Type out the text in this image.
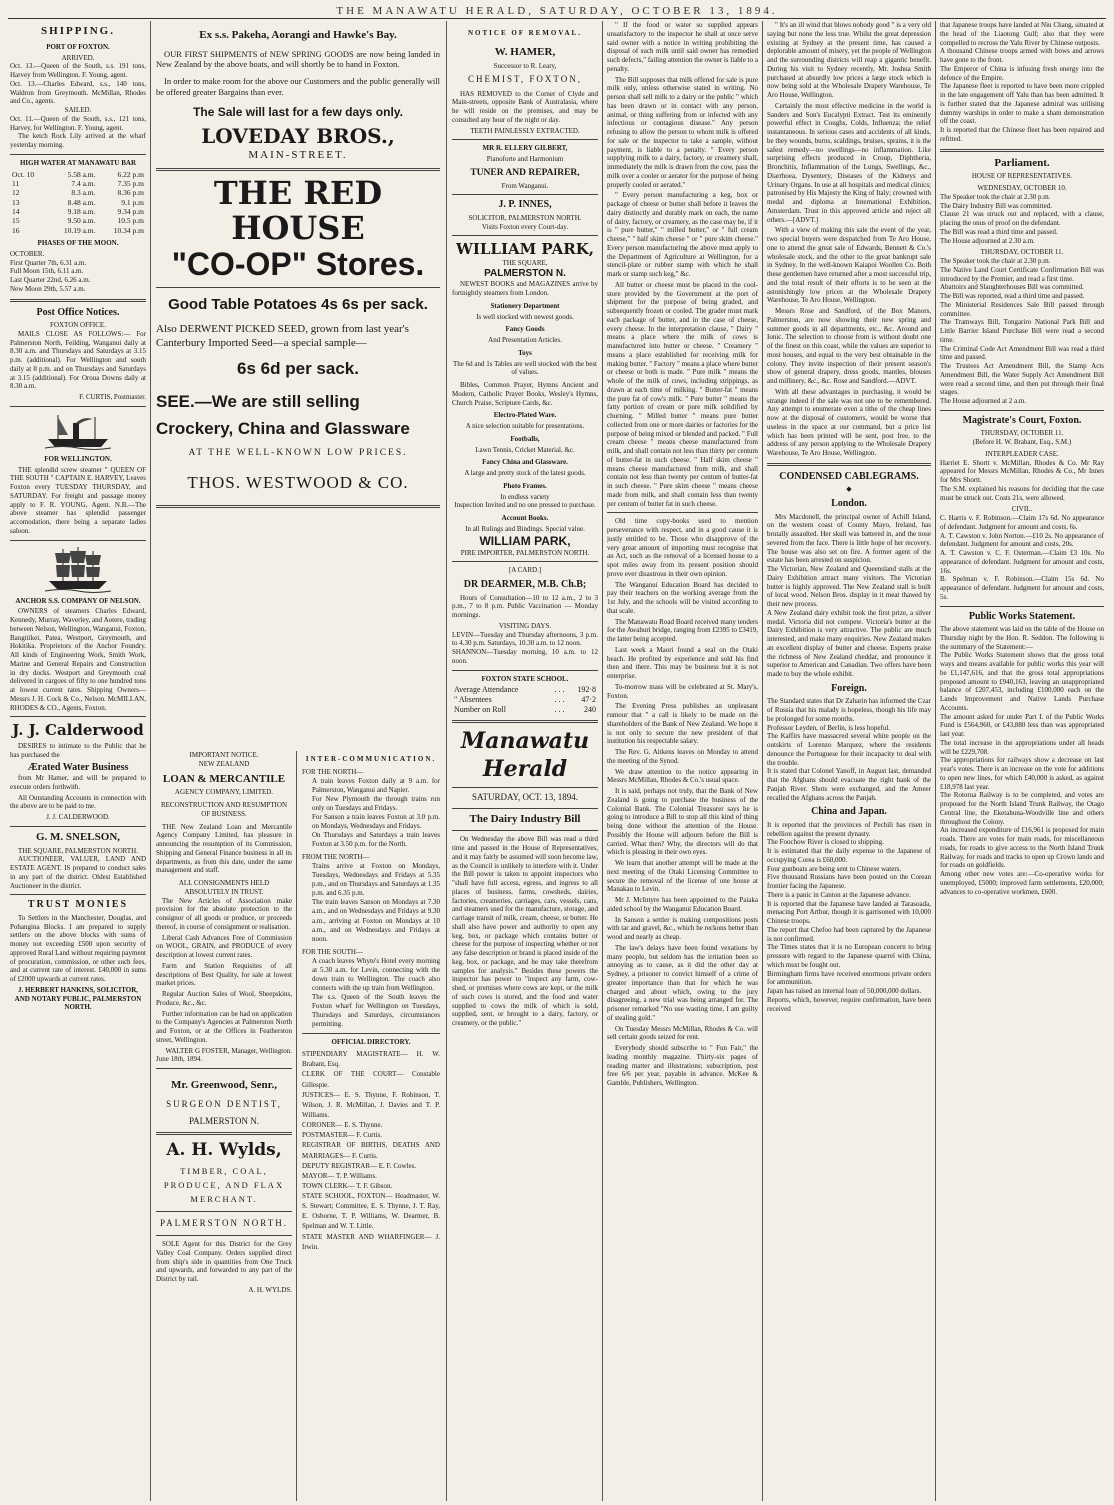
THE MANAWATU HERALD, SATURDAY, OCTOBER 13, 1894.
SHIPPING.
PORT OF FOXTON.
ARRIVED.
Oct. 13.—Queen of the South, s.s. 191 tons, Harvey from Wellington. F. Young, agent.
Oct. 13.—Charles Edward, s.s., 140 tons, Waldron from Greymouth. McMillan, Rhodes and Co., agents.
SAILED.
Oct. 11.—Queen of the South, s.s., 121 tons, Harvey, for Wellington. F. Young, agent.

The ketch Rock Lily arrived at the wharf yesterday morning.

HIGH WATER AT MANAWATU BAR
Oct. 10	5.58 a.m.	6.22 p.m
11	7.4 a.m.	7.35 p.m
12	8.3 a.m.	8.36 p.m
13	8.48 a.m.	9.1 p.m
14	9.18 a.m.	9.34 p.m
15	9.50 a.m.	10.5 p.m
16	10.19 a.m.	10.34 p.m
PHASES OF THE MOON.
OCTOBER.
First Quarter 7th, 6.31 a.m.
Full Moon 15th, 6.11 a.m.
Last Quarter 22nd, 6.26 a.m.
New Moon 29th, 5.57 a.m.
Post Office Notices.
FOXTON OFFICE.

MAILS CLOSE AS FOLLOWS:— For Palmerston North, Feilding, Wanganui daily at 8.30 a.m. and Thursdays and Saturdays at 3.15 p.m. (additional). For Wellington and south daily at 8 p.m. and on Thursdays and Saturdays at 3.15 (additional). For Oroua Downs daily at 8.30 a.m.

F. CURTIS, Postmaster.
FOR WELLINGTON.

THE splendid screw steamer " QUEEN OF THE SOUTH " CAPTAIN E. HARVEY, Leaves Foxton every TUESDAY THURSDAY, and SATURDAY. For freight and passage money apply to F. R. YOUNG, Agent. N.B.—The above steamer has splendid passenger accomodation, there being a separate ladies saloon.

ANCHOR S.S. COMPANY OF NELSON.

OWNERS of steamers Charles Edward, Kennedy, Murray, Waverley, and Aotere, trading between Nelson, Wellington, Wanganui, Foxton, Bangitikei, Patea, Westport, Greymouth, and Hokitika. Proprietors of the Anchor Foundry. All kinds of Engineering Work, Smith Work, Marine and General Repairs and Construction in dry docks. Westport and Greymouth coal delivered in cargoes of fifty to one hundred tons at lowest current rates. Shipping Owners—Messrs J. H. Cock & Co., Nelson. McMILLAN, RHODES & CO., Agents, Foxton.

J. J. Calderwood

DESIRES to intimate to the Public that he has purchased the

Ærated Water Business

from Mr Hamer, and will be prepared to execute orders forthwith.

All Outstanding Accounts in connection with the above are to be paid to me.

J. J. CALDERWOOD.
G. M. SNELSON,
THE SQUARE, PALMERSTON NORTH.

AUCTIONEER, VALUER, LAND AND ESTATE AGENT. IS prepared to conduct sales in any part of the district. Oldest Established Auctioneer in the district.

TRUST MONIES

To Settlers in the Manchester, Douglas, and Pohangina Blocks. I am prepared to supply settlers on the above blocks with sums of money not exceeding £500 upon security of approved Rural Land without requiring payment of procuration, commission, or other such fees, and at current rate of interest. £40,000 in sums of £2000 upwards at current rates.

J. HERBERT HANKINS, SOLICITOR, AND NOTARY PUBLIC, PALMERSTON NORTH.
Ex s.s. Pakeha, Aorangi and Hawke's Bay.

OUR FIRST SHIPMENTS of NEW SPRING GOODS are now being landed in New Zealand by the above boats, and will shortly be to hand in Foxton.

In order to make room for the above our Customers and the public generally will be offered greater Bargains than ever.

The Sale will last for a few days only.
LOVEDAY BROS.,
MAIN-STREET.
THE RED HOUSE
"CO-OP" Stores.
Good Table Potatoes 4s 6s per sack.
Also DERWENT PICKED SEED, grown from last year's Canterbury Imported Seed—a special sample—
6s 6d per sack.
SEE.—We are still selling Crockery, China and Glassware
AT THE WELL-KNOWN LOW PRICES.
THOS. WESTWOOD & CO.
IMPORTANT NOTICE.
NEW ZEALAND
LOAN & MERCANTILE
AGENCY COMPANY, LIMITED.
RECONSTRUCTION AND RESUMPTION OF BUSINESS.

THE New Zealand Loan and Mercantile Agency Company Limited, has pleasure in announcing the resumption of its Commission, Shipping and General Finance business in all its departments, as from this date, under the same management and staff.

ALL CONSIGNMENTS HELD ABSOLUTELY IN TRUST.

The New Articles of Association make provision for the absolute protection to the consignor of all goods or produce, or proceeds thereof, in course of consignment or realisation.

Liberal Cash Advances Free of Commission on WOOL, GRAIN, and PRODUCE of every description at lowest current rates.

Farm and Station Requisites of all descriptions of Best Quality, for sale at lowest market prices.

Regular Auction Sales of Wool, Sheepskins, Produce, &c., &c.

Further information can be had on application to the Company's Agencies at Palmerston North and Foxton, or at the Offices in Featherston street, Wellington.

WALTER G FOSTER, Manager, Wellington.
June 18th, 1894.
Mr. Greenwood, Senr.,
SURGEON DENTIST,
PALMERSTON N.
A. H. Wylds,
TIMBER, COAL, PRODUCE, AND FLAX MERCHANT.
PALMERSTON NORTH.

SOLE Agent for this District for the Grey Valley Coal Company. Orders supplied direct from ship's side in quantities from One Truck and upwards, and forwarded to any part of the District by rail.

A. H. WYLDS.
INTER-COMMUNICATION.
FOR THE NORTH—
A train leaves Foxton daily at 9 a.m. for Palmerston, Wanganui and Napier.
For New Plymouth the through trains run only on Tuesdays and Fridays.
For Sanson a train leaves Foxton at 3.0 p.m. on Mondays, Wednesdays and Fridays.
On Thursdays and Saturdays a train leaves Foxton at 3.50 p.m. for the North.
FROM THE NORTH—
Trains arrive at Foxton on Mondays, Tuesdays, Wednesdays and Fridays at 5.35 p.m., and on Thursdays and Saturdays at 1.35 p.m. and 6.35 p.m.
The train leaves Sanson on Mondays at 7.30 a.m., and on Wednesdays and Fridays at 9.30 a.m., arriving at Foxton on Mondays at 10 a.m., and on Wednesdays and Fridays at noon.
FOR THE SOUTH—
A coach leaves Whyte's Hotel every morning at 5.30 a.m. for Levin, connecting with the down train to Wellington. The coach also connects with the up train from Wellington.
The s.s. Queen of the South leaves the Foxton wharf for Wellington on Tuesdays, Thursdays and Saturdays, circumstances permitting.
OFFICIAL DIRECTORY.
STIPENDIARY MAGISTRATE— H. W. Brabant, Esq.
CLERK OF THE COURT— Constable Gillespie.
JUSTICES— E. S. Thynne, F. Robinson, T. Wilson, J. R. McMillan, J. Davies and T. P. Williams.
CORONER— E. S. Thynne.
POSTMASTER— F. Curtis.
REGISTRAR OF BIRTHS, DEATHS AND MARRIAGES— F. Curtis.
DEPUTY REGISTRAR— E. F. Cowles.
MAYOR— T. P. Williams.
TOWN CLERK— T. F. Gibson.
STATE SCHOOL, FOXTON— Headmaster, W. S. Stewart; Committee, E. S. Thynne, J. T. Ray, E. Osborne, T. P. Williams, W. Dearmer, B. Spelman and W. T. Little.
STATE MASTER AND WHARFINGER— J. Irwin.
NOTICE OF REMOVAL.
W. HAMER,
Successor to R. Leary,
CHEMIST, FOXTON,

HAS REMOVED to the Corner of Clyde and Main-streets, opposite Bank of Australasia, where he will reside on the premises, and may be consulted any hour of the night or day.

TEETH PAINLESSLY EXTRACTED.
MR R. ELLERY GILBERT,
Pianoforte and Harmonium
TUNER AND REPAIRER,
From Wanganui.
J. P. INNES,
SOLICITOR, PALMERSTON NORTH.
Visits Foxton every Court-day.
WILLIAM PARK,
THE SQUARE,
PALMERSTON N.

NEWEST BOOKS and MAGAZINES arrive by fortnightly steamers from London.

Stationery Department
Is well stocked with newest goods.
Fancy Goods
And Presentation Articles.
Toys
The 6d and 1s Tables are well stocked with the best of values.

Bibles, Common Prayer, Hymns Ancient and Modern, Catholic Prayer Books, Wesley's Hymns, Church Praise, Scripture Cards, &c.

Electro-Plated Ware.
A nice selection suitable for presentations.
Footballs,
Lawn Tennis, Cricket Material, &c.
Fancy China and Glassware.
A large and pretty stock of the latest goods.
Photo Frames.
In endless variety
Inspection Invited and no one pressed to purchase.
Account Books.
In all Rulings and Bindings. Special value.
WILLIAM PARK,
PIRE IMPORTER, PALMERSTON NORTH.
[A CARD.]
DR DEARMER, M.B. Ch.B;

Hours of Consultation—10 to 12 a.m., 2 to 3 p.m., 7 to 8 p.m. Public Vaccination — Monday mornings.

VISITING DAYS.
LEVIN—Tuesday and Thursday afternoons, 3 p.m. to 4.30 p.m. Saturdays, 10.30 a.m. to 12 noon.
SHANNON—Tuesday morning, 10 a.m. to 12 noon.
FOXTON STATE SCHOOL.
Average Attendance	. . .	192·8
" Absentees	. . .	47·2
Number on Roll	. . .	240
Manawatu Herald
SATURDAY, OCT. 13, 1894.
The Dairy Industry Bill

On Wednesday the above Bill was read a third time and passed in the House of Representatives, and it may fairly be assumed will soon become law, as the Council is unlikely to interfere with it. Under the Bill power is taken to appoint inspectors who "shall have full access, egress, and ingress to all places of business, farms, cowsheds, dairies, factories, creameries, carriages, cars, vessels, cans, and steamers used for the manufacture, storage, and carriage transit of milk, cream, cheese, or butter. He shall also have power and authority to open any keg, box, or package which contains butter or cheese for the purpose of inspecting whether or not any false description or brand is placed inside of the keg, box, or package, and he may take therefrom samples for analysis." Besides these powers the inspector has power to "inspect any farm, cow-shed, or premises where cows are kept, or the milk of such cows is stored, and the food and water supplied to cows the milk of which is sold, supplied, sent, or brought to a dairy, factory, or creamery, or the public."

" If the food or water so supplied appears unsatisfactory to the inspector he shall at once serve said owner with a notice in writing prohibiting the disposal of such milk until said owner has remedied such defects," failing attention the owner is liable to a penalty.

The Bill supposes that milk offered for sale is pure milk only, unless otherwise stated in writing. No person shall sell milk to a dairy or the public " which has been drawn or in contact with any person, animal, or thing suffering from or infected with any infectious or contagious disease." Any person refusing to allow the person to whom milk is offered for sale or the inspector to take a sample, without payment, is liable to a penalty. " Every person supplying milk to a dairy, factory, or creamery shall, immediately the milk is drawn from the cow, pass the milk over a cooler or aerator for the purpose of being properly cooled or aerated."

" Every person manufacturing a keg, box or package of cheese or butter shall before it leaves the dairy distinctly and durably mark on each, the name of dairy, factory, or creamery, as the case may be, if it is " pure butter," " milled butter," or " full cream cheese," " half skim cheese " or " pure skim cheese." Every person manufacturing the above must apply to the Department of Agriculture at Wellington, for a stencil-plate or rubber stamp with which he shall mark or stamp such keg," &c.

All butter or cheese must be placed in the cool-store provided by the Government at the port of shipment for the purpose of being graded, and subsequently frozen or cooled. The grader must mark each package of butter, and in the case of cheese, every cheese. In the interpretation clause, " Dairy " means a place where the milk of cows is manufactured into butter or cheese. " Creamery " means a place established for receiving milk for making butter. " Factory " means a place where butter or cheese or both is made. " Pure milk " means the whole of the milk of cows, including strippings, as drawn at each time of milking. " Butter-fat " means the pure fat of cow's milk. " Pure butter " means the fatty portion of cream or pure milk solidified by churning. " Milled butter " means pure butter collected from one or more dairies or factories for the purpose of being mixed or blended and packed. " Full cream cheese " means cheese manufactured from milk, and shall contain not less than thirty per centum of butter-fat in such cheese. " Half skim cheese " means cheese manufactured from milk, and shall contain not less than twenty per centum of butter-fat in such cheese. " Pure skim cheese " means cheese made from milk, and shall contain less than twenty per centum of butter fat in such cheese.

Old time copy-books used to mention perseverance with respect, and in a good cause it is justly entitled to be. Those who disapprove of the very great amount of importing must recognise that an Act, such as the removal of a licensed house to a spot miles away from its present position should prove ever disastrous in their own opinion.

The Wanganui Education Board has decided to pay their teachers on the working average from the 1st July, and the schools will be visited according to that scale.

The Manawatu Road Board received many tenders for the Awahuri bridge, ranging from £2395 to £3419, the latter being accepted.

Last week a Maori found a seal on the Otaki beach. He profited by experience and sold his find then and there. This may be business but it is not enterprise.

To-morrow mass will be celebrated at St. Mary's, Foxton.

The Evening Press publishes an unpleasant rumour that " a call is likely to be made on the shareholders of the Bank of New Zealand. We hope it is not only to secure the new president of that institution his respectable salary.

The Rev. G. Aitkens leaves on Monday to attend the meeting of the Synod.

We draw attention to the notice appearing in Messrs McMillan, Rhodes & Co.'s usual space.

It is said, perhaps not truly, that the Bank of New Zealand is going to purchase the business of the Colonial Bank. The Colonial Treasurer says he is going to introduce a Bill to stop all this kind of thing being done without the attention of the House. Possibly the House will adjourn before the Bill is carried. What then? Why, the directors will do that which is pleasing in their own eyes.

We learn that another attempt will be made at the next meeting of the Otaki Licensing Committee to secure the removal of the license of one house at Manakau to Levin.

Mr J. McIntyre has been appointed to the Paiaka aided school by the Wanganui Education Board.

In Sanson a settler is making compositions posts with tar and gravel, &c., which he reckons better than wood and nearly as cheap.

The law's delays have been found vexations by many people, but seldom has the irritation been so annoying as to cause, as it did the other day at Sydney, a prisoner to convict himself of a crime of greater importance than that for which he was charged and about which, owing to the jury disagreeing, a new trial was being arranged for. The prisoner remarked "No use wasting time, I am guilty of stealing gold."

On Tuesday Messrs McMillan, Rhodes & Co. will sell certain goods seized for rent.

Everybody should subscribe to " Fun Fair," the leading monthly magazine. Thirty-six pages of reading matter and illustrations; subscription, post free 6/6 per year, payable in advance. McKee & Gamble, Publishers, Wellington.

" It's an ill wind that blows nobody good " is a very old saying but none the less true. Whilst the great depression existing at Sydney at the present time, has caused a deplorable amount of misery, yet the people of Wellington and the surrounding districts will reap a gigantic benefit. During his visit to Sydney recently, Mr. Joshua Smith purchased at absurdly low prices a large stock which is now being sold at the Wholesale Drapery Warehouse, Te Aro House, Wellington.

Certainly the most effective medicine in the world is Sanders and Son's Eucalypti Extract. Test its eminently powerful effect in Coughs, Colds, Influenza; the relief instantaneous. In serious cases and accidents of all kinds, be they wounds, burns, scaldings, bruises, sprains, it is the safest remedy—no swellings—no inflammation. Like surprising effects produced in Croup, Diphtheria, Bronchitis, Inflammation of the Lungs, Swellings, &c., Diarrhoea, Dysentery, Diseases of the Kidneys and Urinary Organs. In use at all hospitals and medical clinics; patronised by His Majesty the King of Italy; crowned with medal and diploma at International Exhibition, Amsterdam. Trust in this approved article and reject all others.—[ADVT.]

With a view of making this sale the event of the year, two special buyers were despatched from Te Aro House, one to attend the great sale of Edwards, Bennett & Co.'s wholesale stock, and the other to the great bankrupt sale in Sydney. In the well-known Kaiapoi Woollen Co. Both these gentlemen have returned after a most successful trip, and the total result of their efforts is to be seen at the astonishingly low prices at the Wholesale Drapery Warehouse, Te Aro House, Wellington.

Messrs Rose and Sandford, of the Box Manors, Palmerston, are now showing their new spring and summer goods in all departments, etc., &c. Around and Ionic. The selection to choose from is without doubt one of the finest on this coast, while the values are superior to most houses, and equal to the very best obtainable in the colony. They invite inspection of their present season's show of general drapery, dress goods, mantles, blouses and millinery, &c., &c. Rose and Sandford.—ADVT.

With all these advantages in purchasing, it would be strange indeed if the sale was not one to be remembered. Any attempt to enumerate even a tithe of the cheap lines now at the disposal of customers, would be worse that useless in the space at our command, but a price list which has been printed will be sent, post free, to the address of any person applying to the Wholesale Drapery Warehouse, Te Aro House, Wellington.

CONDENSED CABLEGRAMS.
◆
London.
Mrs Macdonell, the principal owner of Achill Island, on the western coast of County Mayo, Ireland, has brutally assaulted. Her skull was battered in, and the nose severed from the face. There is little hope of her recovery. The house was also set on fire. A former agent of the estate has been arrested on suspicion.
The Victorian, New Zealand and Queensland stalls at the Dairy Exhibition attract many visitors. The Victorian butter is highly approved. The New Zealand stall is built of local wood. Nelson Bros. display in it meat thawed by their new process.
A New Zealand dairy exhibit took the first prize, a silver medal. Victoria did not compete. Victoria's butter at the Dairy Exhibition is very attractive. The public are much interested, and make many enquiries. New Zealand makes an excellent display of butter and cheese. Experts praise the richness of New Zealand cheddar, and pronounce it superior to American and Canadian. Two offers have been made to buy the whole exhibit.
Foreign.
The Standard states that Dr Zaharin has informed the Czar of Russia that his malady is hopeless, though his life may be prolonged for some months.
Professor Leyden, of Berlin, is less hopeful.
The Kaffirs have massacred several white people on the outskirts of Lorenzo Marquez, where the residents denounce the Portuguese for their incapacity to deal with the trouble.
It is stated that Colonel Yanoff, in August last, demanded that the Afghans should evacuate the right bank of the Panjah River. Shots were exchanged, and the Ameer recalled the Afghans across the Panjah.
China and Japan.
It is reported that the provinces of Pechili has risen in rebellion against the present dynasty.
The Foochow River is closed to shipping.
It is estimated that the daily expense to the Japanese of occupying Corea is £60,000.
Four gunboats are being sent to Chinese waters.
Five thousand Russians have been posted on the Corean frontier facing the Japanese.
There is a panic in Canton at the Japanese advance.
It is reported that the Japanese have landed at Tarasoada, menacing Port Arthur, though it is garrisoned with 10,000 Chinese troops.
The report that Chefoo had been captured by the Japanese is not confirmed.
The Times states that it is no European concern to bring pressure with regard to the Japanese quarrel with China, which must be fought out.
Birmingham firms have received enormous private orders for ammunition.
Japan has raised an internal loan of 50,000,000 dollars.
Reports, which, however, require confirmation, have been received
that Japanese troops have landed at Niu Chang, situated at the head of the Liaotong Gulf; also that they were compelled to recross the Yalu River by Chinese outposts.
A thousand Chinese troops armed with bows and arrows have gone to the front.
The Emperor of China is infusing fresh energy into the defence of the Empire.
The Japanese fleet is reported to have been more crippled in the late engagement off Yalu than has been admitted. It is further stated that the Japanese admiral was utilising dummy warships in order to make a sham demonstration off the coast.
It is reported that the Chinese fleet has been repaired and refitted.
Parliament.
HOUSE OF REPRESENTATIVES.
WEDNESDAY, OCTOBER 10.
The Speaker took the chair at 2.30 p.m.
The Dairy Industry Bill was committed.
Clause 21 was struck out and replaced, with a clause, placing the onus of proof on the defendant.
The Bill was read a third time and passed.
The House adjourned at 2.30 a.m.
THURSDAY, OCTOBER 11.
The Speaker took the chair at 2.30 p.m.
The Native Land Court Certificate Confirmation Bill was introduced by the Premier, and read a first time.
Abattoirs and Slaughterhouses Bill was committed.
The Bill was reported, read a third time and passed.
The Ministerial Residences Sale Bill passed through committee.
The Tramways Bill, Tongariro National Park Bill and Little Barrier Island Purchase Bill were read a second time.
The Criminal Code Act Amendment Bill was read a third time and passed.
The Trustees Act Amendment Bill, the Stamp Acts Amendment Bill, the Water Supply Act Amendment Bill were read a second time, and then put through their final stages.
The House adjourned at 2 a.m.
Magistrate's Court, Foxton.
THURSDAY, OCTOBER 11.
(Before H. W. Brabant, Esq., S.M.)
INTERPLEADER CASE.
Harriet E. Shortt v. McMillan, Rhodes & Co. Mr Ray appeared for Messrs McMillan, Rhodes & Co., Mr Innes for Mrs Shortt.
The S.M. explained his reasons for deciding that the case must be struck out. Costs 21s, were allowed.
CIVIL.
C. Harris v. F. Robinson.—Claim 17s 6d. No appearance of defendant. Judgment for amount and costs, 6s.
A. T. Cawston v. John Norton.—£10 2s. No appearance of defendant. Judgment for amount and costs, 20s.
A. T. Cawston v. C. F. Osterman.—Claim £3 10s. No appearance of defendant. Judgment for amount and costs, 16s.
B. Spelman v. F. Robinson.—Claim 15s 6d. No appearance of defendant. Judgment for amount and costs, 5s.
Public Works Statement.
The above statement was laid on the table of the House on Thursday night by the Hon. R. Seddon. The following is the summary of the Statement:—
The Public Works Statement shows that the gross total ways and means available for public works this year will be £1,147,616, and that the gross total appropriations proposed amount to £940,163, leaving an unappropriated balance of £207,453, including £100,000 each on the Lands Improvement and Native Lands Purchase Accounts.
The amount asked for under Part I. of the Public Works Fund is £564,960, or £43,880 less than was appropriated last year.
The total increase in the appropriations under all heads will be £229,708.
The appropriations for railways show a decrease on last year's votes. There is an increase on the vote for additions to open new lines, for which £40,000 is asked, as against £18,978 last year.
The Rotorua Railway is to be completed, and votes are proposed for the North Island Trunk Railway, the Otago Central line, the Eketahuna-Woodville line and others throughout the Colony.
An increased expenditure of £16,961 is proposed for main roads. There are votes for main roads, for miscellaneous roads, for roads to give access to the North Island Trunk Railway, for roads and tracks to open up Crown lands and for roads on goldfields.
Among other new votes are:—Co-operative works for unemployed, £5000; improved farm settlements, £20,000; advances to co-operative workmen, £600.
